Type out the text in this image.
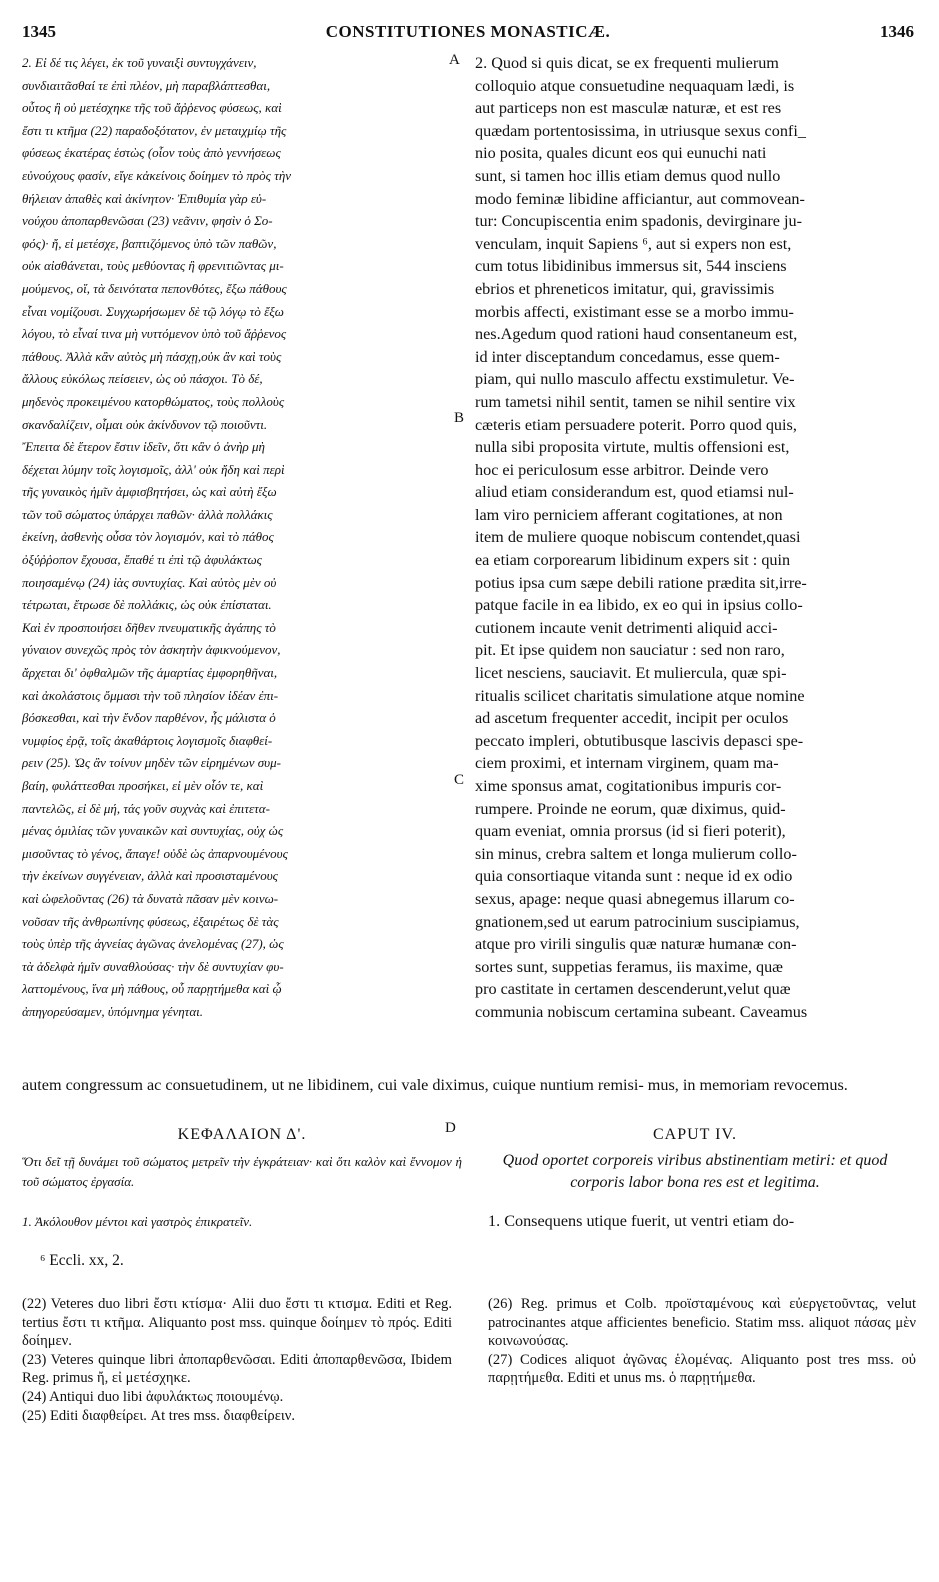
1345	CONSTITUTIONES MONASTICÆ.	1346

2. Εἰ δέ τις λέγει, ἐκ τοῦ γυναιξὶ συντυγχάνειν,

συνδιαιτᾶσθαί τε ἐπὶ πλέον, μὴ παραβλάπτεσθαι,

οὗτος ἢ οὐ μετέσχηκε τῆς τοῦ ἄῤῥενος φύσεως, καὶ

ἔστι τι κτῆμα (22) παραδοξότατον, ἐν μεταιχμίῳ τῆς

φύσεως ἑκατέρας ἑστὼς (οἷον τοὺς ἀπὸ γεννήσεως

εὐνούχους φασίν, εἴγε κἀκείνοις δοίημεν τὸ πρὸς τὴν

θήλειαν ἀπαθὲς καὶ ἀκίνητον· Ἐπιθυμία γὰρ εὐ-

νούχου ἀποπαρθενῶσαι (23) νεᾶνιν, φησὶν ὁ Σο-

φός)· ἤ, εἰ μετέσχε, βαπτιζόμενος ὑπὸ τῶν παθῶν,

οὐκ αἰσθάνεται, τοὺς μεθύοντας ἢ φρενιτιῶντας μι-

μούμενος, οἵ, τὰ δεινότατα πεπονθότες, ἔξω πάθους

εἶναι νομίζουσι. Συγχωρήσωμεν δὲ τῷ λόγῳ τὸ ἔξω

λόγου, τὸ εἶναί τινα μὴ νυττόμενον ὑπὸ τοῦ ἄῤῥενος

πάθους. Ἀλλὰ κἂν αὐτὸς μὴ πάσχῃ,οὐκ ἂν καὶ τοὺς

ἄλλους εὐκόλως πείσειεν, ὡς οὐ πάσχοι. Τὸ δέ,

μηδενὸς προκειμένου κατορθώματος, τοὺς πολλοὺς

σκανδαλίζειν, οἶμαι οὐκ ἀκίνδυνον τῷ ποιοῦντι.

Ἔπειτα δὲ ἕτερον ἔστιν ἰδεῖν, ὅτι κἂν ὁ ἀνὴρ μὴ

δέχεται λύμην τοῖς λογισμοῖς, ἀλλ' οὐκ ἤδη καὶ περὶ

τῆς γυναικὸς ἡμῖν ἀμφισβητήσει, ὡς καὶ αὐτὴ ἔξω

τῶν τοῦ σώματος ὑπάρχει παθῶν· ἀλλὰ πολλάκις

ἐκείνη, ἀσθενὴς οὖσα τὸν λογισμόν, καὶ τὸ πάθος

ὀξύῤῥοπον ἔχουσα, ἔπαθέ τι ἐπὶ τῷ ἀφυλάκτως

ποιησαμένῳ (24) ἰὰς συντυχίας. Καὶ αὐτὸς μὲν οὐ

τέτρωται, ἔτρωσε δὲ πολλάκις, ὡς οὐκ ἐπίσταται.

Καὶ ἐν προσποιήσει δῆθεν πνευματικῆς ἀγάπης τὸ

γύναιον συνεχῶς πρὸς τὸν ἀσκητὴν ἀφικνούμενον,

ἄρχεται δι' ὀφθαλμῶν τῆς ἁμαρτίας ἐμφορηθῆναι,

καὶ ἀκολάστοις ὄμμασι τὴν τοῦ πλησίον ἰδέαν ἐπι-

βόσκεσθαι, καὶ τὴν ἔνδον παρθένον, ἧς μάλιστα ὁ

νυμφίος ἐρᾷ, τοῖς ἀκαθάρτοις λογισμοῖς διαφθεί-

ρειν (25). Ὡς ἂν τοίνυν μηδὲν τῶν εἰρημένων συμ-

βαίη, φυλάττεσθαι προσήκει, εἰ μὲν οἷόν τε, καὶ

παντελῶς, εἰ δὲ μή, τάς γοῦν συχνὰς καὶ ἐπιτετα-

μένας ὁμιλίας τῶν γυναικῶν καὶ συντυχίας, οὐχ ὡς

μισοῦντας τὸ γένος, ἄπαγε! οὐδὲ ὡς ἀπαρνουμένους

τὴν ἐκείνων συγγένειαν, ἀλλὰ καὶ προσισταμένους

καὶ ὠφελοῦντας (26) τὰ δυνατὰ πᾶσαν μὲν κοινω-

νοῦσαν τῆς ἀνθρωπίνης φύσεως, ἐξαιρέτως δὲ τὰς

τοὺς ὑπὲρ τῆς ἁγνείας ἀγῶνας ἀνελομένας (27), ὡς

τὰ ἀδελφὰ ἡμῖν συναθλούσας· τὴν δὲ συντυχίαν φυ-

λαττομένους, ἵνα μὴ πάθους, οὗ παρῃτήμεθα καὶ ᾧ

ἀπηγορεύσαμεν, ὑπόμνημα γένηται.

2. Quod si quis dicat, se ex frequenti mulierum

colloquio atque consuetudine nequaquam lædi, is

aut particeps non est masculæ naturæ, et est res

quædam portentosissima, in utriusque sexus confi_

nio posita, quales dicunt eos qui eunuchi nati

sunt, si tamen hoc illis etiam demus quod nullo

modo feminæ libidine afficiantur, aut commovean-

tur: Concupiscentia enim spadonis, devirginare ju-

venculam, inquit Sapiens ⁶, aut si expers non est,

cum totus libidinibus immersus sit, 544 insciens

ebrios et phreneticos imitatur, qui, gravissimis

morbis affecti, existimant esse se a morbo immu-

nes.Agedum quod rationi haud consentaneum est,

id inter disceptandum concedamus, esse quem-

piam, qui nullo masculo affectu exstimuletur. Ve-

rum tametsi nihil sentit, tamen se nihil sentire vix

cæteris etiam persuadere poterit. Porro quod quis,

nulla sibi proposita virtute, multis offensioni est,

hoc ei periculosum esse arbitror. Deinde vero

aliud etiam considerandum est, quod etiamsi nul-

lam viro perniciem afferant cogitationes, at non

item de muliere quoque nobiscum contendet,quasi

ea etiam corporearum libidinum expers sit : quin

potius ipsa cum sæpe debili ratione prædita sit,irre-

patque facile in ea libido, ex eo qui in ipsius collo-

cutionem incaute venit detrimenti aliquid acci-

pit. Et ipse quidem non sauciatur : sed non raro,

licet nesciens, sauciavit. Et muliercula, quæ spi-

ritualis scilicet charitatis simulatione atque nomine

ad ascetum frequenter accedit, incipit per oculos

peccato impleri, obtutibusque lascivis depasci spe-

ciem proximi, et internam virginem, quam ma-

xime sponsus amat, cogitationibus impuris cor-

rumpere. Proinde ne eorum, quæ diximus, quid-

quam eveniat, omnia prorsus (id si fieri poterit),

sin minus, crebra saltem et longa mulierum collo-

quia consortiaque vitanda sunt : neque id ex odio

sexus, apage: neque quasi abnegemus illarum co-

gnationem,sed ut earum patrocinium suscipiamus,

atque pro virili singulis quæ naturæ humanæ con-

sortes sunt, suppetias feramus, iis maxime, quæ

pro castitate in certamen descenderunt,velut quæ

communia nobiscum certamina subeant. Caveamus

A
B
C
autem congressum ac consuetudinem, ut ne libidinem, cui vale diximus, cuique nuntium remisi- mus, in memoriam revocemus.
D
ΚΕΦΑΛΑΙΟΝ Δ'.	CAPUT IV.
Ὅτι δεῖ τῇ δυνάμει τοῦ σώματος μετρεῖν τὴν ἐγκράτειαν· καὶ ὅτι καλὸν καὶ ἔννομον ἡ τοῦ σώματος ἐργασία.
Quod oportet corporeis viribus abstinentiam metiri: et quod corporis labor bona res est et legitima.
1. Ἀκόλουθον μέντοι καὶ γαστρὸς ἐπικρατεῖν.	1. Consequens utique fuerit, ut ventri etiam do-
⁶ Eccli. xx, 2.

(22) Veteres duo libri ἔστι κτίσμα· Alii duo ἔστι τι κτισμα. Editi et Reg. tertius ἔστι τι κτῆμα. Aliquanto post mss. quinque δοίημεν τὸ πρός. Editi δοίημεν.

(23) Veteres quinque libri ἀποπαρθενῶσαι. Editi ἀποπαρθενῶσα, Ibidem Reg. primus ἤ, εἰ μετέσχηκε.

(24) Antiqui duo libi ἀφυλάκτως ποιουμένῳ.

(25) Editi διαφθείρει. At tres mss. διαφθείρειν.

(26) Reg. primus et Colb. προϊσταμένους καὶ εὐεργετοῦντας, velut patrocinantes atque afficientes beneficio. Statim mss. aliquot πάσας μὲν κοινωνούσας.

(27) Codices aliquot ἀγῶνας ἑλομένας. Aliquanto post tres mss. οὐ παρῃτήμεθα. Editi et unus ms. ὁ παρῃτήμεθα.
